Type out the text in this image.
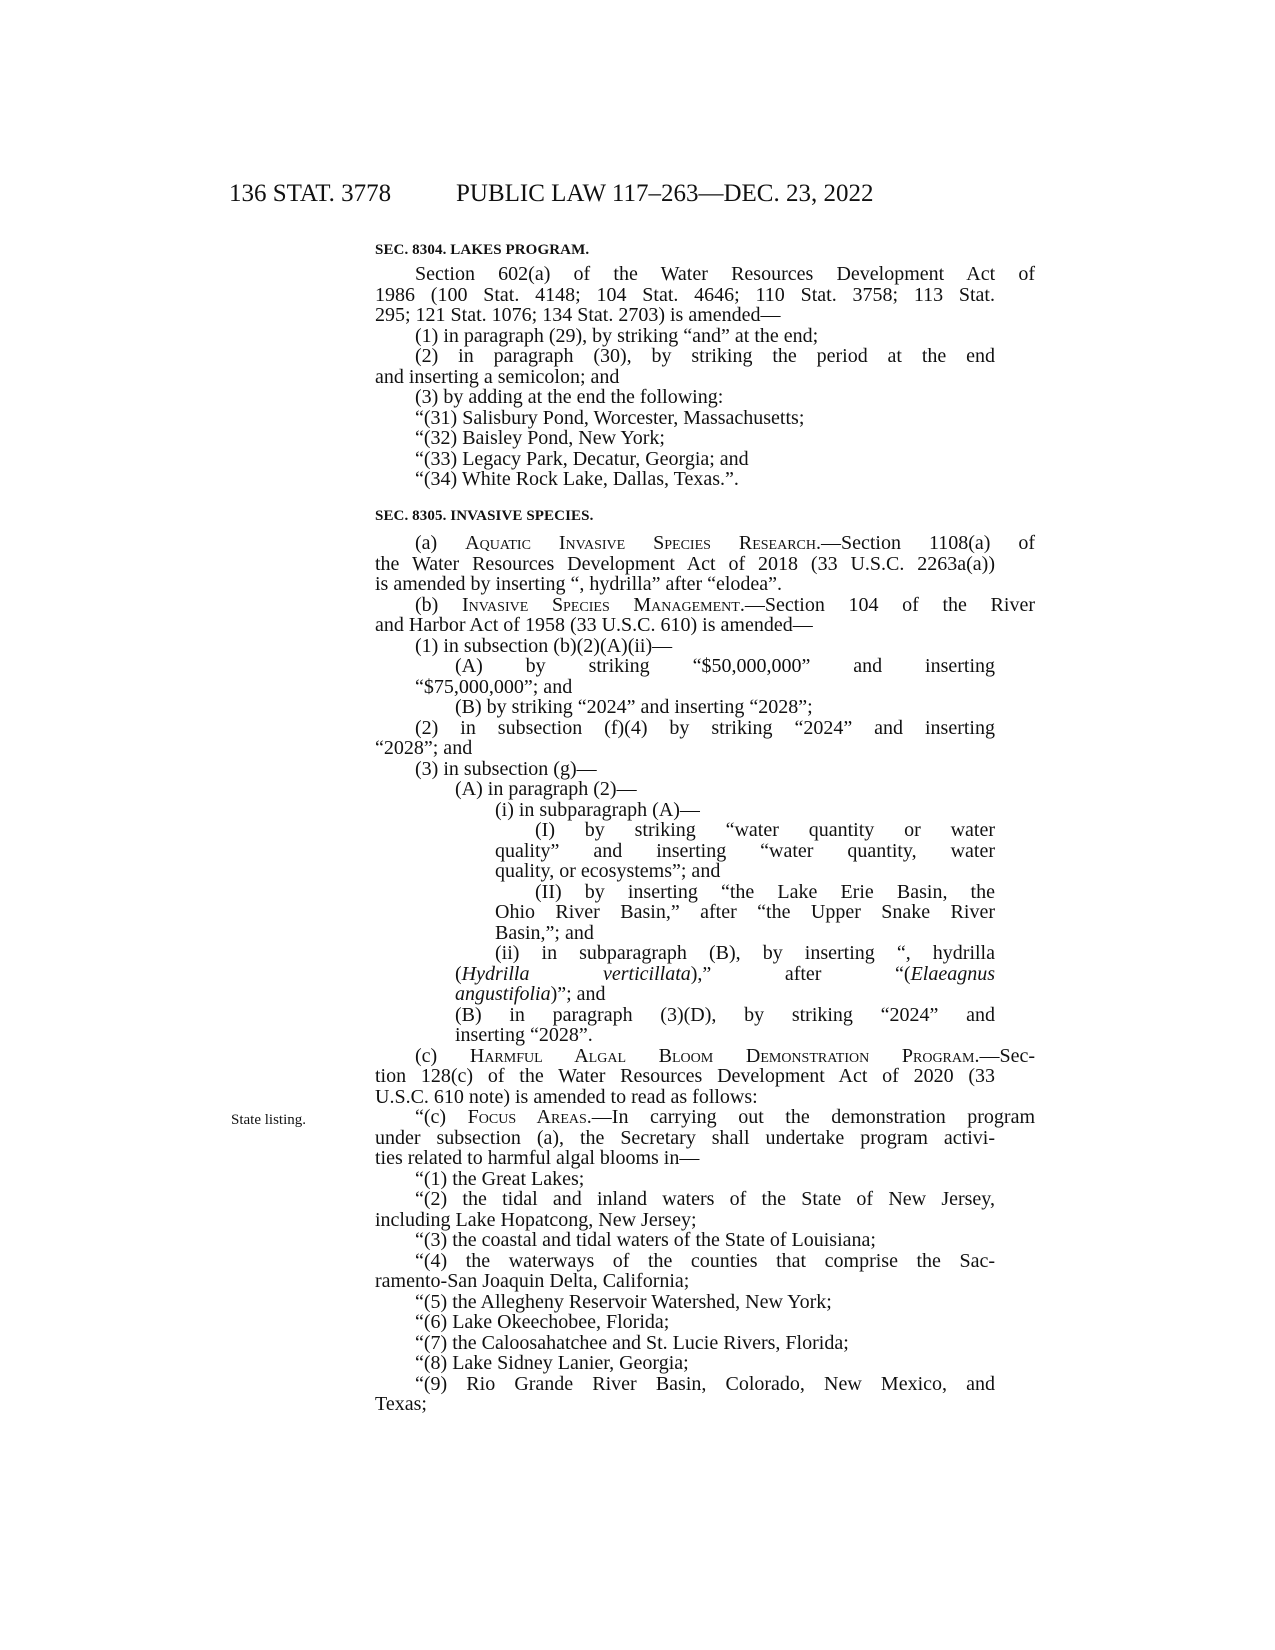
136 STAT. 3778	PUBLIC LAW 117–263—DEC. 23, 2022
SEC. 8304. LAKES PROGRAM.

Section 602(a) of the Water Resources Development Act of

1986 (100 Stat. 4148; 104 Stat. 4646; 110 Stat. 3758; 113 Stat.

295; 121 Stat. 1076; 134 Stat. 2703) is amended—

(1) in paragraph (29), by striking “and” at the end;

(2) in paragraph (30), by striking the period at the end

and inserting a semicolon; and

(3) by adding at the end the following:

“(31) Salisbury Pond, Worcester, Massachusetts;

“(32) Baisley Pond, New York;

“(33) Legacy Park, Decatur, Georgia; and

“(34) White Rock Lake, Dallas, Texas.”.

SEC. 8305. INVASIVE SPECIES.

(a) Aquatic Invasive Species Research.—Section 1108(a) of

the Water Resources Development Act of 2018 (33 U.S.C. 2263a(a))

is amended by inserting “, hydrilla” after “elodea”.

(b) Invasive Species Management.—Section 104 of the River

and Harbor Act of 1958 (33 U.S.C. 610) is amended—

(1) in subsection (b)(2)(A)(ii)—

(A) by striking “$50,000,000” and inserting

“$75,000,000”; and

(B) by striking “2024” and inserting “2028”;

(2) in subsection (f)(4) by striking “2024” and inserting

“2028”; and

(3) in subsection (g)—

(A) in paragraph (2)—

(i) in subparagraph (A)—

(I) by striking “water quantity or water

quality” and inserting “water quantity, water

quality, or ecosystems”; and

(II) by inserting “the Lake Erie Basin, the

Ohio River Basin,” after “the Upper Snake River

Basin,”; and

(ii) in subparagraph (B), by inserting “, hydrilla

(Hydrilla verticillata),” after “(Elaeagnus

angustifolia)”; and

(B) in paragraph (3)(D), by striking “2024” and

inserting “2028”.

(c) Harmful Algal Bloom Demonstration Program.—Sec-

tion 128(c) of the Water Resources Development Act of 2020 (33

U.S.C. 610 note) is amended to read as follows:

“(c) Focus Areas.—In carrying out the demonstration program

under subsection (a), the Secretary shall undertake program activi-

ties related to harmful algal blooms in—

“(1) the Great Lakes;

“(2) the tidal and inland waters of the State of New Jersey,

including Lake Hopatcong, New Jersey;

“(3) the coastal and tidal waters of the State of Louisiana;

“(4) the waterways of the counties that comprise the Sac-

ramento-San Joaquin Delta, California;

“(5) the Allegheny Reservoir Watershed, New York;

“(6) Lake Okeechobee, Florida;

“(7) the Caloosahatchee and St. Lucie Rivers, Florida;

“(8) Lake Sidney Lanier, Georgia;

“(9) Rio Grande River Basin, Colorado, New Mexico, and

Texas;

State listing.
